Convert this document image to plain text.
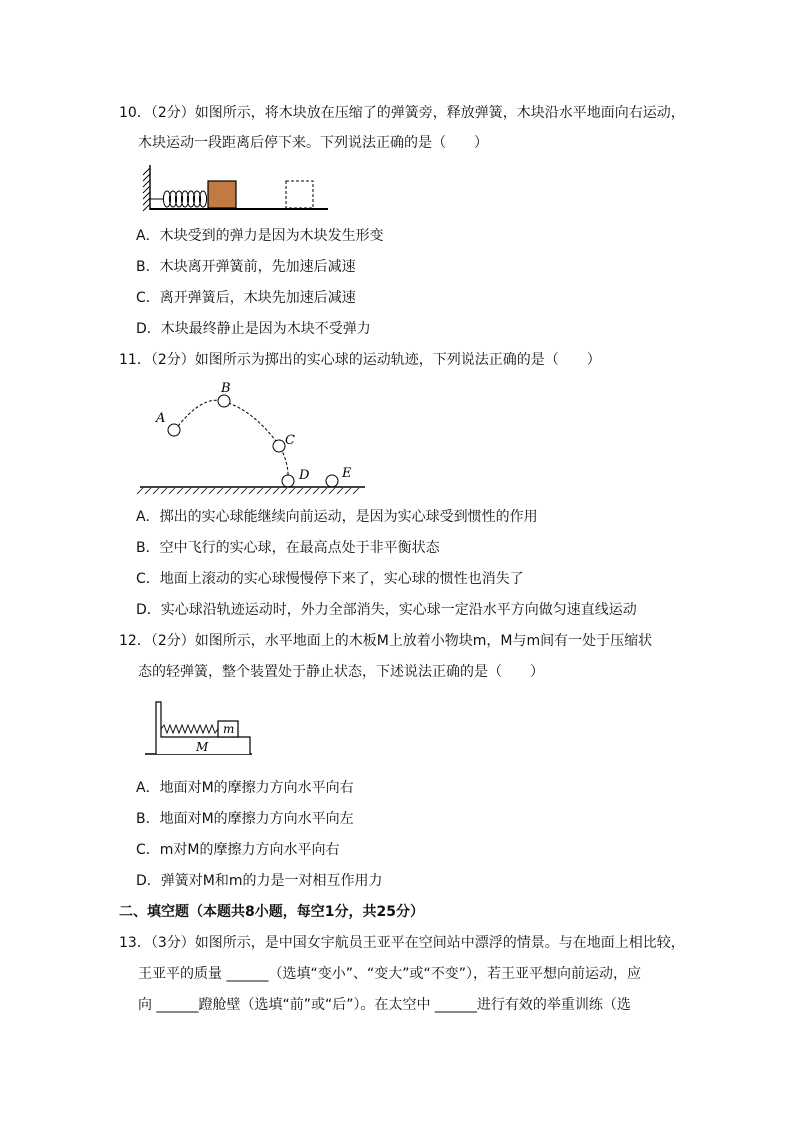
10．（2分）如图所示，将木块放在压缩了的弹簧旁，释放弹簧，木块沿水平地面向右运动，
木块运动一段距离后停下来。下列说法正确的是（　　）
A．木块受到的弹力是因为木块发生形变
B．木块离开弹簧前，先加速后减速
C．离开弹簧后，木块先加速后减速
D．木块最终静止是因为木块不受弹力
11．（2分）如图所示为掷出的实心球的运动轨迹，下列说法正确的是（　　）
A
B
C
D	E
A．掷出的实心球能继续向前运动，是因为实心球受到惯性的作用
B．空中飞行的实心球，在最高点处于非平衡状态
C．地面上滚动的实心球慢慢停下来了，实心球的惯性也消失了
D．实心球沿轨迹运动时，外力全部消失，实心球一定沿水平方向做匀速直线运动
12．（2分）如图所示，水平地面上的木板M上放着小物块m，M与m间有一处于压缩状
态的轻弹簧，整个装置处于静止状态，下述说法正确的是（　　）
m
M
A．地面对M的摩擦力方向水平向右
B．地面对M的摩擦力方向水平向左
C．m对M的摩擦力方向水平向右
D．弹簧对M和m的力是一对相互作用力
二、填空题（本题共8小题，每空1分，共25分）
13．（3分）如图所示，是中国女宇航员王亚平在空间站中漂浮的情景。与在地面上相比较，
王亚平的质量 ______（选填“变小”、“变大”或“不变”），若王亚平想向前运动，应
向 ______蹬舱壁（选填“前”或“后”）。在太空中 ______进行有效的举重训练（选
